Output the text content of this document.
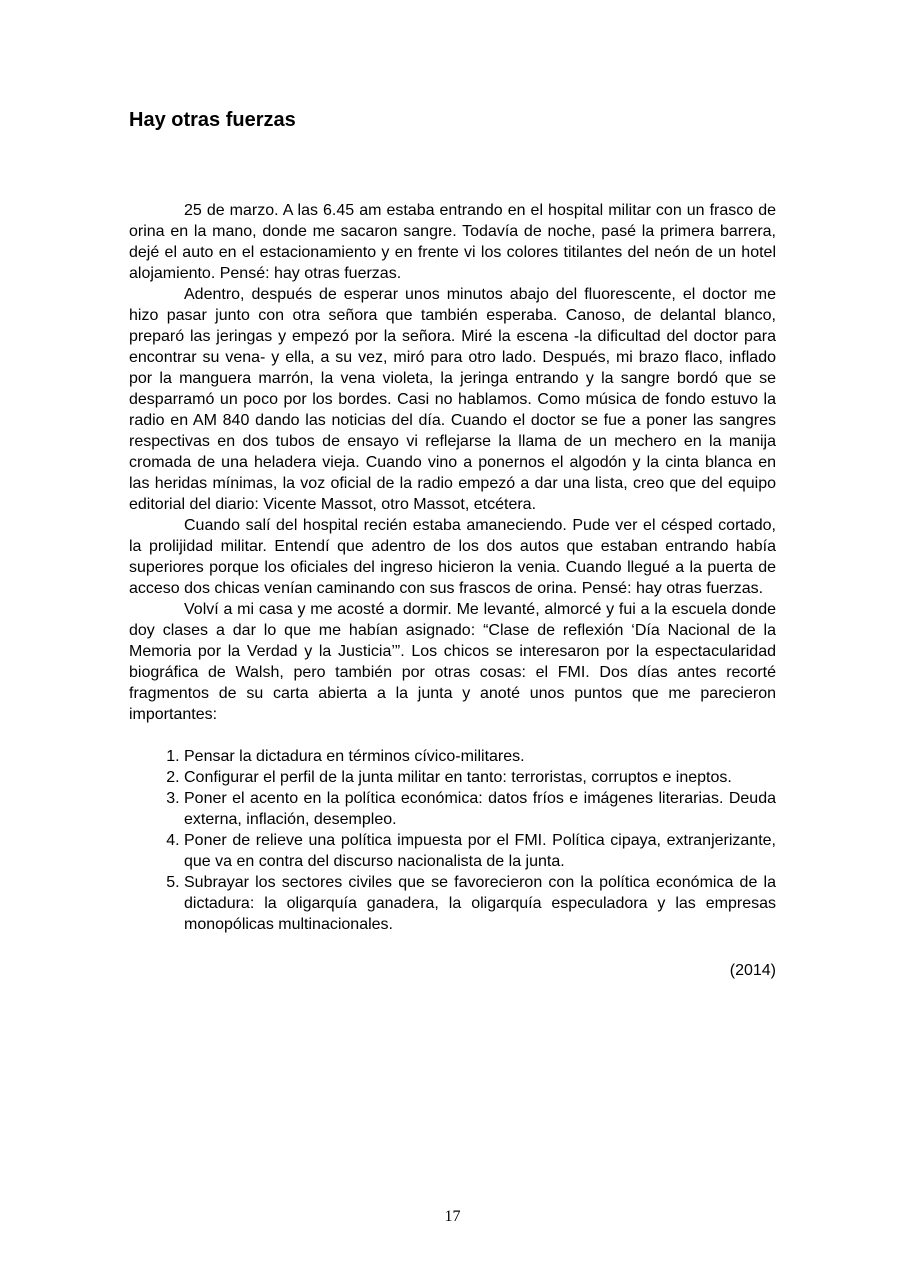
Hay otras fuerzas

25 de marzo. A las 6.45 am estaba entrando en el hospital militar con un frasco de orina en la mano, donde me sacaron sangre. Todavía de noche, pasé la primera barrera, dejé el auto en el estacionamiento y en frente vi los colores titilantes del neón de un hotel alojamiento. Pensé: hay otras fuerzas.

Adentro, después de esperar unos minutos abajo del fluorescente, el doctor me hizo pasar junto con otra señora que también esperaba. Canoso, de delantal blanco, preparó las jeringas y empezó por la señora. Miré la escena -la dificultad del doctor para encontrar su vena- y ella, a su vez, miró para otro lado. Después, mi brazo flaco, inflado por la manguera marrón, la vena violeta, la jeringa entrando y la sangre bordó que se desparramó un poco por los bordes. Casi no hablamos. Como música de fondo estuvo la radio en AM 840 dando las noticias del día. Cuando el doctor se fue a poner las sangres respectivas en dos tubos de ensayo vi reflejarse la llama de un mechero en la manija cromada de una heladera vieja. Cuando vino a ponernos el algodón y la cinta blanca en las heridas mínimas, la voz oficial de la radio empezó a dar una lista, creo que del equipo editorial del diario: Vicente Massot, otro Massot, etcétera.

Cuando salí del hospital recién estaba amaneciendo. Pude ver el césped cortado, la prolijidad militar. Entendí que adentro de los dos autos que estaban entrando había superiores porque los oficiales del ingreso hicieron la venia. Cuando llegué a la puerta de acceso dos chicas venían caminando con sus frascos de orina. Pensé: hay otras fuerzas.

Volví a mi casa y me acosté a dormir. Me levanté, almorcé y fui a la escuela donde doy clases a dar lo que me habían asignado: “Clase de reflexión ‘Día Nacional de la Memoria por la Verdad y la Justicia’”. Los chicos se interesaron por la espectacularidad biográfica de Walsh, pero también por otras cosas: el FMI. Dos días antes recorté fragmentos de su carta abierta a la junta y anoté unos puntos que me parecieron importantes:

1. Pensar la dictadura en términos cívico-militares.
2. Configurar el perfil de la junta militar en tanto: terroristas, corruptos e ineptos.
3. Poner el acento en la política económica: datos fríos e imágenes literarias. Deuda externa, inflación, desempleo.
4. Poner de relieve una política impuesta por el FMI. Política cipaya, extranjerizante, que va en contra del discurso nacionalista de la junta.
5. Subrayar los sectores civiles que se favorecieron con la política económica de la dictadura: la oligarquía ganadera, la oligarquía especuladora y las empresas monopólicas multinacionales.
(2014)
17
